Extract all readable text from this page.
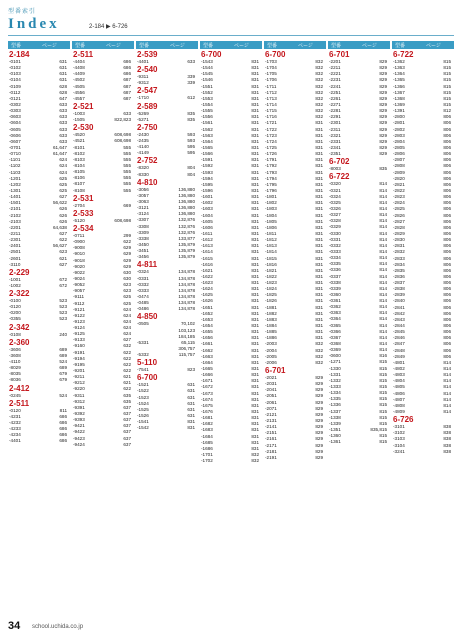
型番索引
Index	2-184 ▶ 6-726
型番	ページ
2-184
-0101	631
-0102	631
-0103	631
-0104	631
-0109	628
-0112	628
-0121	647
-0302	633
-0303	633
-0603	633
-0604	633
-0605	633
-0606	633
-0607	633
-0701	61,647
-0710	61,647
-1101	624
-1102	624
-1103	624
-1201	625
-1202	625
-1301	625
-1401	627
-1501	56,622
-2101	626
-2102	626
-2103	626
-2201	64,638
-2211	627
-2301	622
-2401	56,627
-2501	623
-2601	621
-3110	627
2-229
-1001	672
-1002	672
2-322
-0100	523
-0120	523
-0200	523
-0355	523
2-342
-0108	240
2-360
-3606	689
-3608	689
-4110	524
-8029	689
-8035	679
-8036	679
2-412
-0245	524
2-511
-0120	811
-4231	686
-4232	686
-4233	686
-4234	686
-4401	686
型番	ページ
2-511
-4404	686
-4408	686
-4409	686
-4502	687
-4505	687
-4556	687
-4557	687
2-521
-1003	633
-1505	822,823
2-530
-4520	608,698
-4521	608,698
-8101	555
-8102	555
-8103	555
-8104	555
-8105	555
-8106	555
-8107	555
-8108	555
2-531
-2704	669
2-533
-5120	608,698
2-534
-0711	299
-0900	622
-9008	629
-9010	629
-9018	629
-9020	629
-9022	630
-9024	630
-9052	623
-9057	623
-9111	625
-9112	625
-9121	624
-9122	624
-9123	624
-9124	624
-9125	624
-9133	627
-9160	632
-9191	622
-9194	622
-9195	622
-9201	622
-9211	621
-9212	621
-9220	622
-9311	635
-9312	635
-9391	637
-9392	637
-9393	637
-9421	637
-9422	637
-9423	637
-9424	637
型番	ページ
2-539
-4401	633
2-540
-9311	339
-9312	339
2-547
-1710	612
2-589
-5269	835
-5271	835
2-750
-2430	593
-2435	593
-4140	595
-4149	595
2-752
-8320	804
-8330	804
4-810
-3056	136,880
-3057	136,880
-3063	136,880
-3121	136,880
-3124	136,880
-3307	132,876
-3308	132,876
-3309	132,876
-3338	133,877
-3450	135,879
-3451	135,879
-3456	135,879
4-811
-0324	134,878
-0331	134,878
-0332	134,878
-0333	134,878
-0474	134,878
-0485	134,878
-0486	134,878
4-850
-0505	70,102
103,123
184,185
-5331	65,115
306,757
-5332	115,757
5-110
-7541	823
6-700
-1521	631
-1522	631
-1523	631
-1524	631
-1525	631
-1526	631
-1541	831
-1542	831
型番	ページ
6-700
-1543	831
-1544	831
-1545	831
-1546	831
-1551	831
-1552	831
-1553	831
-1554	831
-1555	831
-1556	831
-1561	831
-1562	831
-1563	831
-1564	831
-1565	831
-1566	831
-1591	831
-1592	831
-1593	831
-1594	831
-1595	831
-1596	831
-1601	831
-1602	831
-1603	831
-1604	831
-1605	831
-1606	831
-1611	831
-1612	831
-1613	831
-1614	831
-1615	831
-1616	831
-1621	831
-1622	831
-1623	831
-1624	831
-1625	831
-1626	831
-1651	831
-1652	831
-1653	831
-1654	831
-1655	831
-1656	831
-1661	831
-1662	831
-1663	831
-1664	831
-1665	831
-1666	831
-1671	831
-1672	831
-1673	831
-1674	831
-1675	831
-1676	831
-1681	831
-1682	831
-1683	831
-1684	831
-1685	831
-1686	831
-1701	832
-1702	832
型番	ページ
6-700
-1703	832
-1704	832
-1705	832
-1706	832
-1711	832
-1712	832
-1713	832
-1714	832
-1715	832
-1716	832
-1721	831
-1722	831
-1723	831
-1724	831
-1725	831
-1726	831
-1791	831
-1792	831
-1793	831
-1794	831
-1795	831
-1796	831
-1801	831
-1802	831
-1803	831
-1804	831
-1805	831
-1806	831
-1811	831
-1812	831
-1813	831
-1814	831
-1815	831
-1816	831
-1821	831
-1822	831
-1823	831
-1824	831
-1825	831
-1826	831
-1881	831
-1882	831
-1883	831
-1884	831
-1885	831
-1886	831
-2003	832
-2004	832
-2005	832
-2006	832
6-701
-2021	829
-2031	829
-2041	829
-2051	829
-2061	829
-2071	829
-2121	829
-2131	829
-2141	829
-2151	829
-2161	829
-2171	829
-2181	829
-2191	829
型番	ページ
6-701
-2201	829
-2211	829
-2221	829
-2231	829
-2241	829
-2251	829
-2261	829
-2271	829
-2281	829
-2291	829
-2301	829
-2311	829
-2321	829
-2331	829
-2341	829
-2351	829
6-702
-8003	835
6-722
-0320	814
-0321	814
-0324	814
-0325	814
-0326	814
-0327	814
-0328	814
-0329	814
-0330	814
-0331	814
-0332	814
-0333	814
-0334	814
-0335	814
-0336	814
-0337	814
-0338	814
-0339	814
-0360	814
-0361	814
-0362	814
-0363	814
-0364	814
-0365	814
-0366	814
-0367	814
-0368	814
-0369	814
-0600	816
-1271	815
-1330	815
-1331	815
-1332	815
-1333	815
-1334	815
-1335	815
-1336	815
-1337	815
-1338	815
-1339	815
-1351	835,815
-1360	815
-1361	815
型番	ページ
6-722
-1362	815
-1363	815
-1364	815
-1365	815
-1366	815
-1367	815
-1368	815
-1369	815
-1391	812
-2800	806
-2801	806
-2802	806
-2803	806
-2804	806
-2805	806
-2806	806
-2807	806
-2808	806
-2809	806
-2820	806
-2821	806
-2822	806
-2823	806
-2824	806
-2825	806
-2826	806
-2827	806
-2828	806
-2829	806
-2830	806
-2831	806
-2832	806
-2833	806
-2834	806
-2835	806
-2836	806
-2837	806
-2838	806
-2839	806
-2840	806
-2841	806
-2842	806
-2843	806
-2844	806
-2845	806
-2846	806
-2847	806
-2848	806
-2849	806
-4801	814
-4802	814
-4803	814
-4804	814
-4805	814
-4806	814
-4807	814
-4808	814
-4809	814
6-726
-3101	838
-3102	838
-3103	838
-3104	838
-3241	838
34 school.uchida.co.jp
